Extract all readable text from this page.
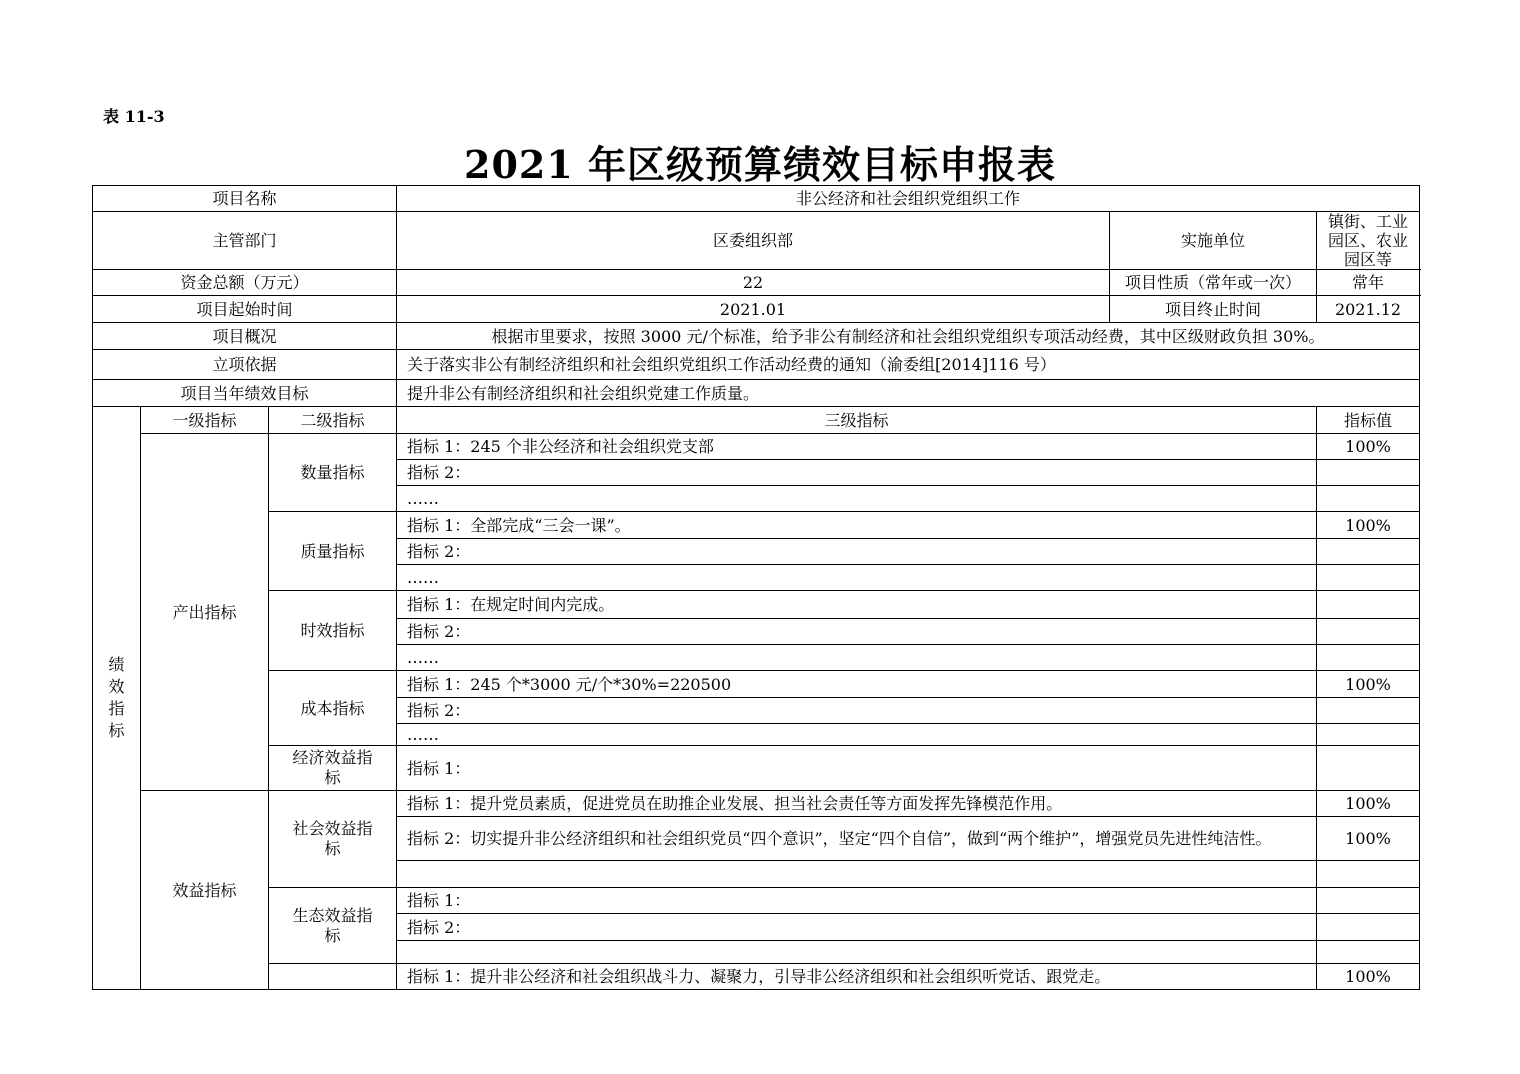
表 11-3
2021 年区级预算绩效目标申报表
项目名称			非公经济和社会组织党组织工作		
主管部门			区委组织部	实施单位	镇街、工业园区、农业园区等
资金总额（万元）			22	项目性质（常年或一次）	常年
项目起始时间			2021.01	项目终止时间	2021.12
项目概况			根据市里要求，按照 3000 元/个标准，给予非公有制经济和社会组织党组织专项活动经费，其中区级财政负担 30%。		
立项依据			关于落实非公有制经济组织和社会组织党组织工作活动经费的通知（渝委组[2014]116 号）		
项目当年绩效目标			提升非公有制经济组织和社会组织党建工作质量。		

绩效指标	一级指标	二级指标	三级指标		指标值
	产出指标	数量指标	指标 1：245 个非公经济和社会组织党支部		100%
			指标 2：		
			……		
		质量指标	指标 1：全部完成“三会一课”。		100%
			指标 2：		
			……		
		时效指标	指标 1：在规定时间内完成。		
			指标 2：		
			……		
		成本指标	指标 1：245 个*3000 元/个*30%=220500		100%
			指标 2：		
			……		

		经济效益指标	指标 1：		
	效益指标	社会效益指标	指标 1：提升党员素质，促进党员在助推企业发展、担当社会责任等方面发挥先锋模范作用。		100%
			指标 2：切实提升非公经济组织和社会组织党员“四个意识”，坚定“四个自信”，做到“两个维护”，增强党员先进性纯洁性。		100%

		生态效益指标	指标 1：		
			指标 2：		

			指标 1：提升非公经济和社会组织战斗力、凝聚力，引导非公经济组织和社会组织听党话、跟党走。		100%
